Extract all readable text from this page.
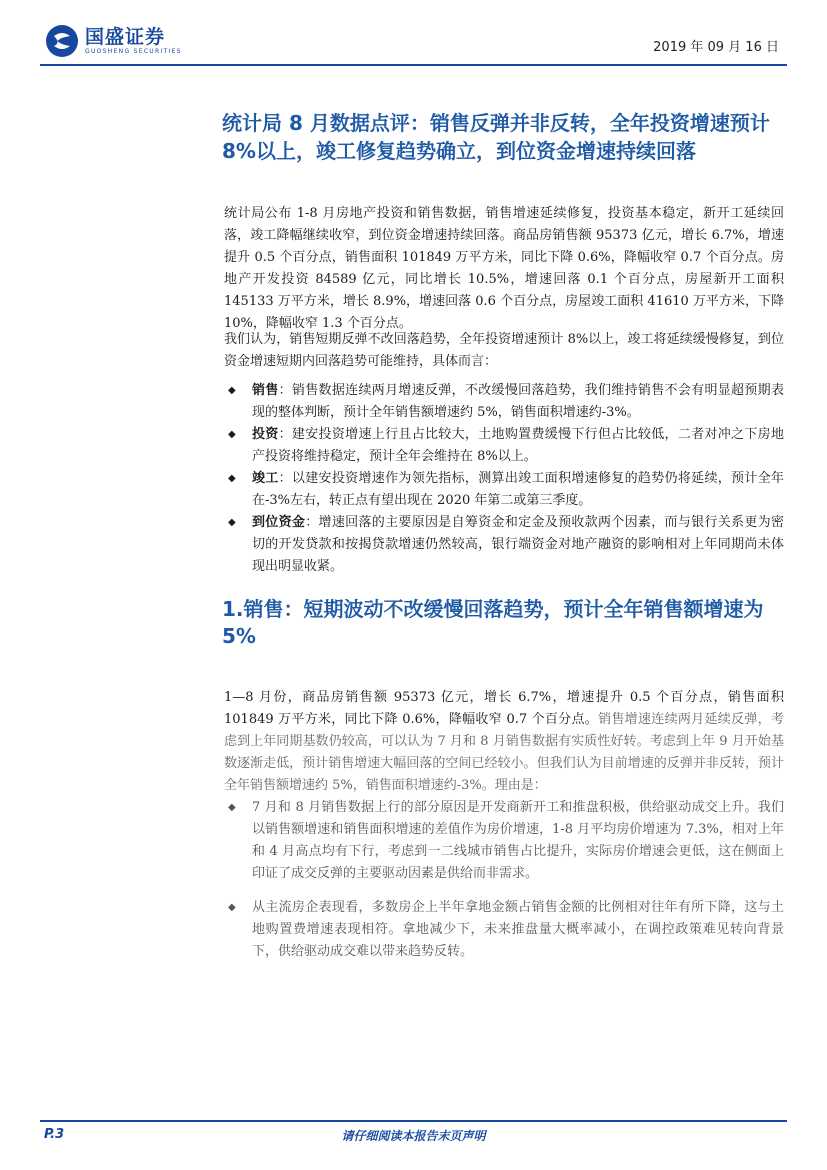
国盛证券
GUOSHENG SECURITIES	2019 年 09 月 16 日
统计局 8 月数据点评：销售反弹并非反转，全年投资增速预计 8%以上，竣工修复趋势确立，到位资金增速持续回落

统计局公布 1-8 月房地产投资和销售数据，销售增速延续修复，投资基本稳定，新开工延续回落，竣工降幅继续收窄，到位资金增速持续回落。商品房销售额 95373 亿元，增长 6.7%，增速提升 0.5 个百分点，销售面积 101849 万平方米，同比下降 0.6%，降幅收窄 0.7 个百分点。房地产开发投资 84589 亿元，同比增长 10.5%，增速回落 0.1 个百分点，房屋新开工面积 145133 万平方米，增长 8.9%，增速回落 0.6 个百分点，房屋竣工面积 41610 万平方米，下降 10%，降幅收窄 1.3 个百分点。

我们认为，销售短期反弹不改回落趋势，全年投资增速预计 8%以上，竣工将延续缓慢修复，到位资金增速短期内回落趋势可能维持，具体而言：

◆ 销售：销售数据连续两月增速反弹，不改缓慢回落趋势，我们维持销售不会有明显超预期表现的整体判断，预计全年销售额增速约 5%，销售面积增速约-3%。
◆ 投资：建安投资增速上行且占比较大，土地购置费缓慢下行但占比较低，二者对冲之下房地产投资将维持稳定，预计全年会维持在 8%以上。
◆ 竣工：以建安投资增速作为领先指标，测算出竣工面积增速修复的趋势仍将延续，预计全年在-3%左右，转正点有望出现在 2020 年第二或第三季度。
◆ 到位资金：增速回落的主要原因是自筹资金和定金及预收款两个因素，而与银行关系更为密切的开发贷款和按揭贷款增速仍然较高，银行端资金对地产融资的影响相对上年同期尚未体现出明显收紧。
1.销售：短期波动不改缓慢回落趋势，预计全年销售额增速为 5%

1—8 月份，商品房销售额 95373 亿元，增长 6.7%，增速提升 0.5 个百分点，销售面积 101849 万平方米，同比下降 0.6%，降幅收窄 0.7 个百分点。销售增速连续两月延续反弹，考虑到上年同期基数仍较高，可以认为 7 月和 8 月销售数据有实质性好转。考虑到上年 9 月开始基数逐渐走低，预计销售增速大幅回落的空间已经较小。但我们认为目前增速的反弹并非反转，预计全年销售额增速约 5%，销售面积增速约-3%。理由是：

◆ 7 月和 8 月销售数据上行的部分原因是开发商新开工和推盘积极，供给驱动成交上升。我们以销售额增速和销售面积增速的差值作为房价增速，1-8 月平均房价增速为 7.3%，相对上年和 4 月高点均有下行，考虑到一二线城市销售占比提升，实际房价增速会更低，这在侧面上印证了成交反弹的主要驱动因素是供给而非需求。
◆ 从主流房企表现看，多数房企上半年拿地金额占销售金额的比例相对往年有所下降，这与土地购置费增速表现相符。拿地减少下，未来推盘量大概率减小，在调控政策难见转向背景下，供给驱动成交难以带来趋势反转。
P.3	请仔细阅读本报告末页声明
